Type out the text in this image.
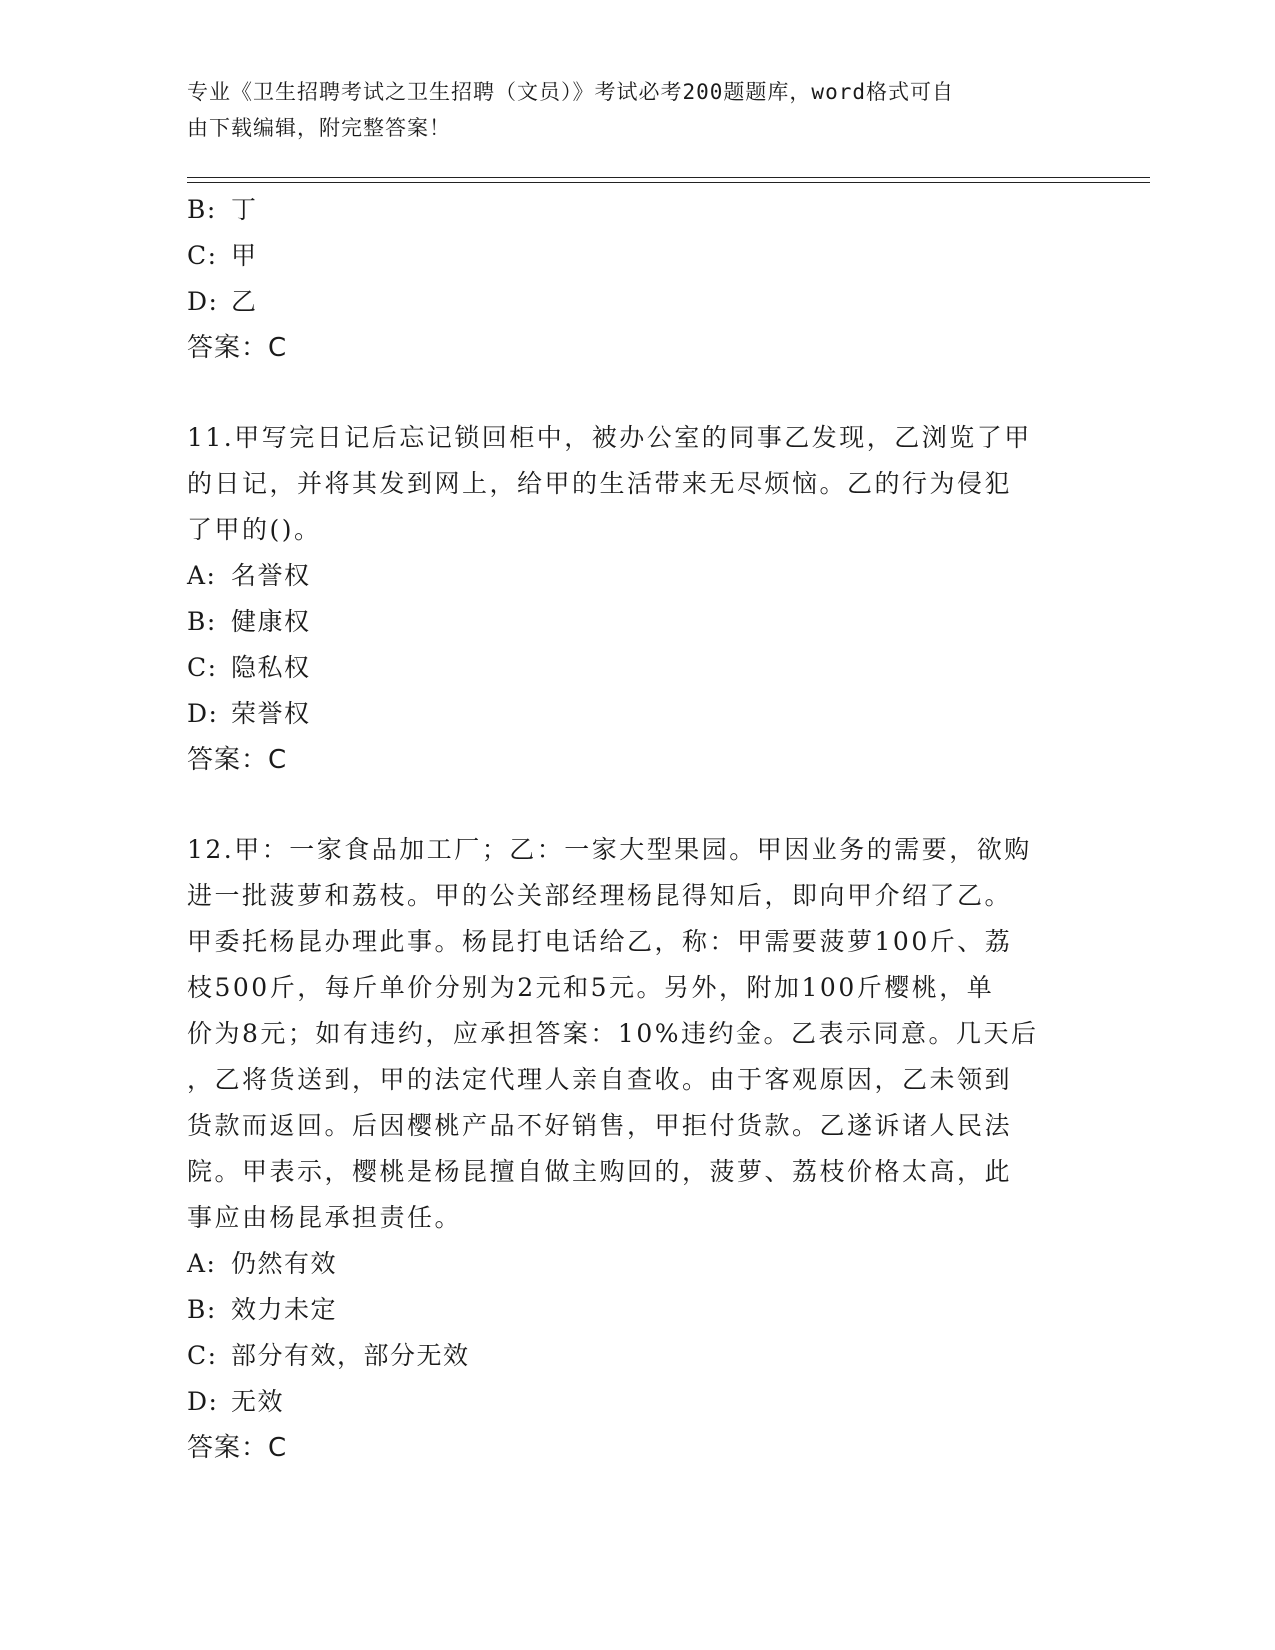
专业《卫生招聘考试之卫生招聘（文员）》考试必考200题题库，word格式可自
由下载编辑，附完整答案！
B: 丁
C: 甲
D: 乙
答案：C
11.甲写完日记后忘记锁回柜中，被办公室的同事乙发现，乙浏览了甲
的日记，并将其发到网上，给甲的生活带来无尽烦恼。乙的行为侵犯
了甲的()。
A: 名誉权
B: 健康权
C: 隐私权
D: 荣誉权
答案：C
12.甲：一家食品加工厂；乙：一家大型果园。甲因业务的需要，欲购
进一批菠萝和荔枝。甲的公关部经理杨昆得知后，即向甲介绍了乙。
甲委托杨昆办理此事。杨昆打电话给乙，称：甲需要菠萝100斤、荔
枝500斤，每斤单价分别为2元和5元。另外，附加100斤樱桃，单
价为8元；如有违约，应承担答案：10%违约金。乙表示同意。几天后
，乙将货送到，甲的法定代理人亲自查收。由于客观原因，乙未领到
货款而返回。后因樱桃产品不好销售，甲拒付货款。乙遂诉诸人民法
院。甲表示，樱桃是杨昆擅自做主购回的，菠萝、荔枝价格太高，此
事应由杨昆承担责任。
A: 仍然有效
B: 效力未定
C: 部分有效，部分无效
D: 无效
答案：C
